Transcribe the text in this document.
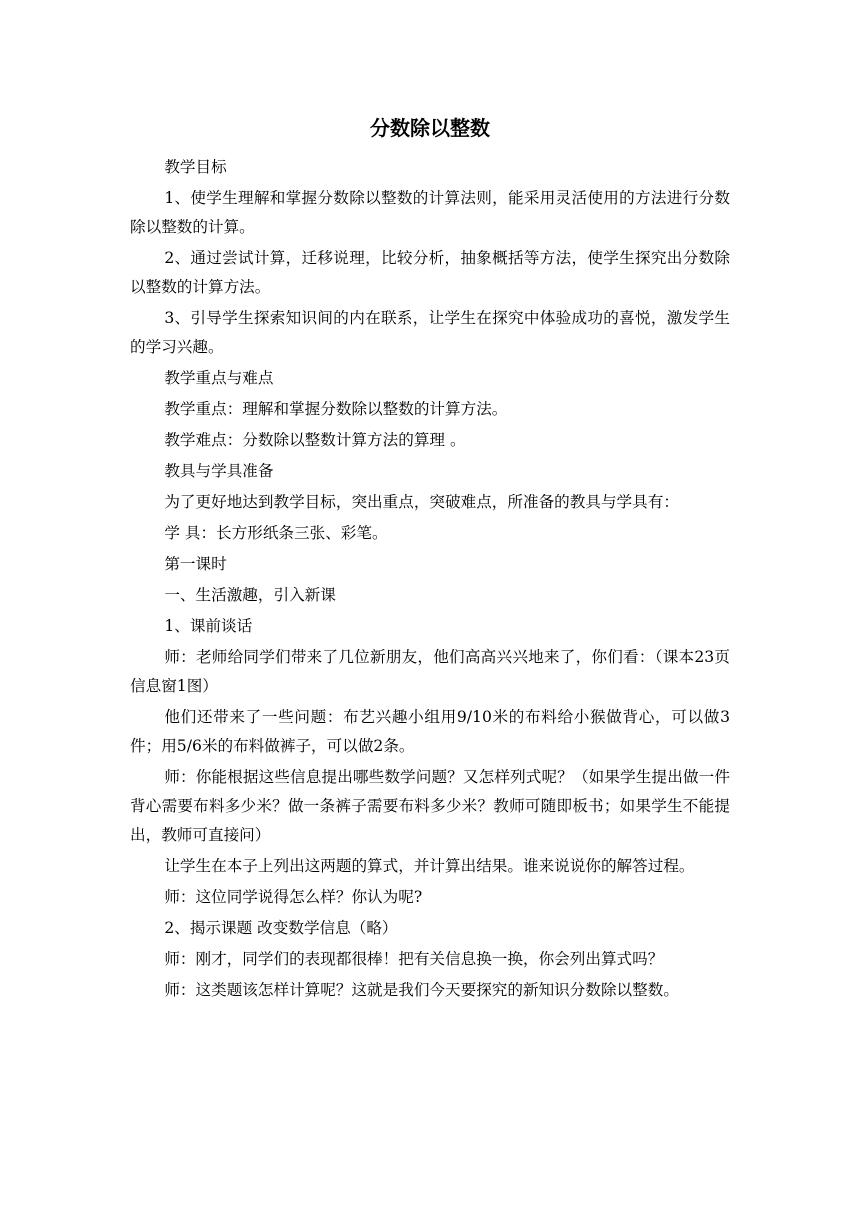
分数除以整数

教学目标

1、使学生理解和掌握分数除以整数的计算法则，能采用灵活使用的方法进行分数除以整数的计算。

2、通过尝试计算，迁移说理，比较分析，抽象概括等方法，使学生探究出分数除以整数的计算方法。

3、引导学生探索知识间的内在联系，让学生在探究中体验成功的喜悦，激发学生的学习兴趣。

教学重点与难点

教学重点：理解和掌握分数除以整数的计算方法。

教学难点：分数除以整数计算方法的算理 。

教具与学具准备

为了更好地达到教学目标，突出重点，突破难点，所准备的教具与学具有：

学 具：长方形纸条三张、彩笔。

第一课时

一、生活激趣，引入新课

1、课前谈话

师：老师给同学们带来了几位新朋友，他们高高兴兴地来了，你们看：（课本23页信息窗1图）

他们还带来了一些问题：布艺兴趣小组用9/10米的布料给小猴做背心，可以做3件；用5/6米的布料做裤子，可以做2条。

师：你能根据这些信息提出哪些数学问题？又怎样列式呢？（如果学生提出做一件背心需要布料多少米？做一条裤子需要布料多少米？教师可随即板书；如果学生不能提出，教师可直接问）

让学生在本子上列出这两题的算式，并计算出结果。谁来说说你的解答过程。

师：这位同学说得怎么样？你认为呢?

2、揭示课题 改变数学信息（略）

师：刚才，同学们的表现都很棒！把有关信息换一换，你会列出算式吗？

师：这类题该怎样计算呢？这就是我们今天要探究的新知识分数除以整数。
